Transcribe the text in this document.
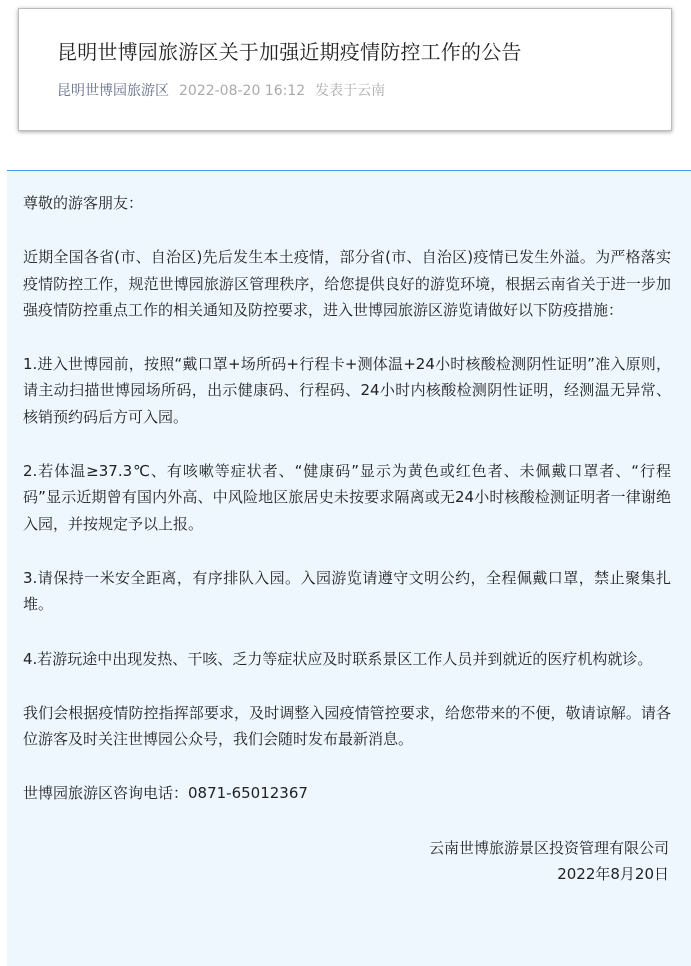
昆明世博园旅游区关于加强近期疫情防控工作的公告
昆明世博园旅游区 2022-08-20 16:12 发表于云南

尊敬的游客朋友：

近期全国各省(市、自治区)先后发生本土疫情，部分省(市、自治区)疫情已发生外溢。为严格落实疫情防控工作，规范世博园旅游区管理秩序，给您提供良好的游览环境，根据云南省关于进一步加强疫情防控重点工作的相关通知及防控要求，进入世博园旅游区游览请做好以下防疫措施：

1.进入世博园前，按照“戴口罩+场所码+行程卡+测体温+24小时核酸检测阴性证明”准入原则，请主动扫描世博园场所码，出示健康码、行程码、24小时内核酸检测阴性证明，经测温无异常、核销预约码后方可入园。

2.若体温≥37.3℃、有咳嗽等症状者、“健康码”显示为黄色或红色者、未佩戴口罩者、“行程码”显示近期曾有国内外高、中风险地区旅居史未按要求隔离或无24小时核酸检测证明者一律谢绝入园，并按规定予以上报。

3.请保持一米安全距离，有序排队入园。入园游览请遵守文明公约，全程佩戴口罩，禁止聚集扎堆。

4.若游玩途中出现发热、干咳、乏力等症状应及时联系景区工作人员并到就近的医疗机构就诊。

我们会根据疫情防控指挥部要求，及时调整入园疫情管控要求，给您带来的不便，敬请谅解。请各位游客及时关注世博园公众号，我们会随时发布最新消息。

世博园旅游区咨询电话：0871-65012367

云南世博旅游景区投资管理有限公司

2022年8月20日
